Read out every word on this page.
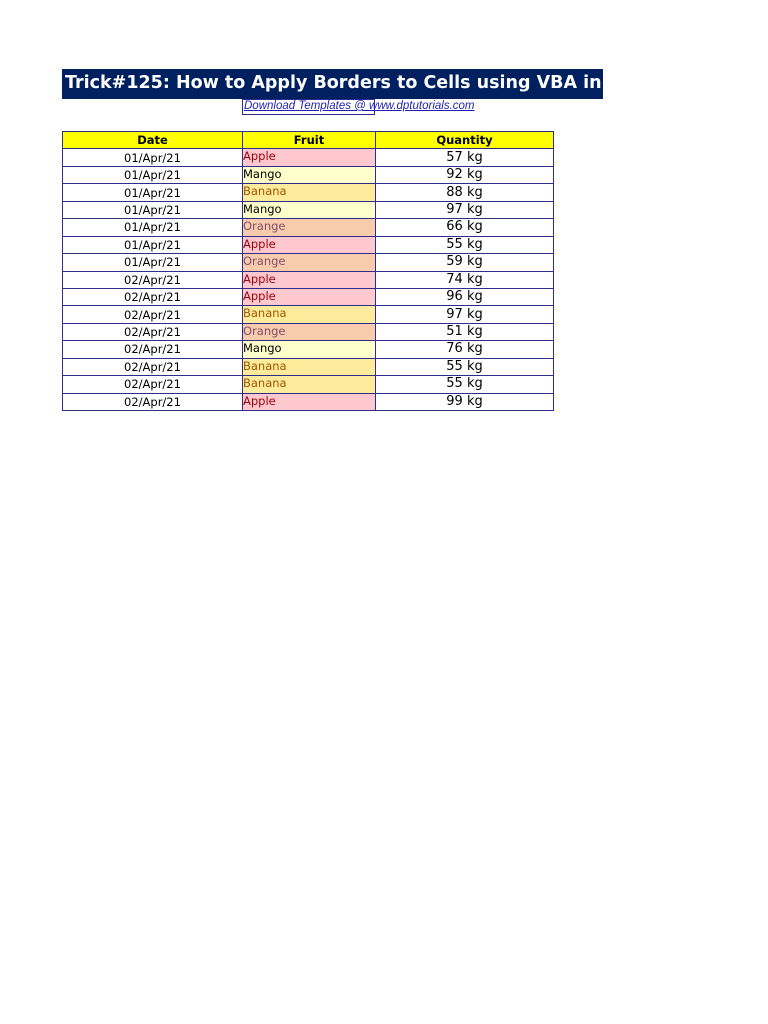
Trick#125: How to Apply Borders to Cells using VBA in Excel
Download Templates @ www.dptutorials.com
Date	Fruit	Quantity
01/Apr/21	Apple	57 kg
01/Apr/21	Mango	92 kg
01/Apr/21	Banana	88 kg
01/Apr/21	Mango	97 kg
01/Apr/21	Orange	66 kg
01/Apr/21	Apple	55 kg
01/Apr/21	Orange	59 kg
02/Apr/21	Apple	74 kg
02/Apr/21	Apple	96 kg
02/Apr/21	Banana	97 kg
02/Apr/21	Orange	51 kg
02/Apr/21	Mango	76 kg
02/Apr/21	Banana	55 kg
02/Apr/21	Banana	55 kg
02/Apr/21	Apple	99 kg
